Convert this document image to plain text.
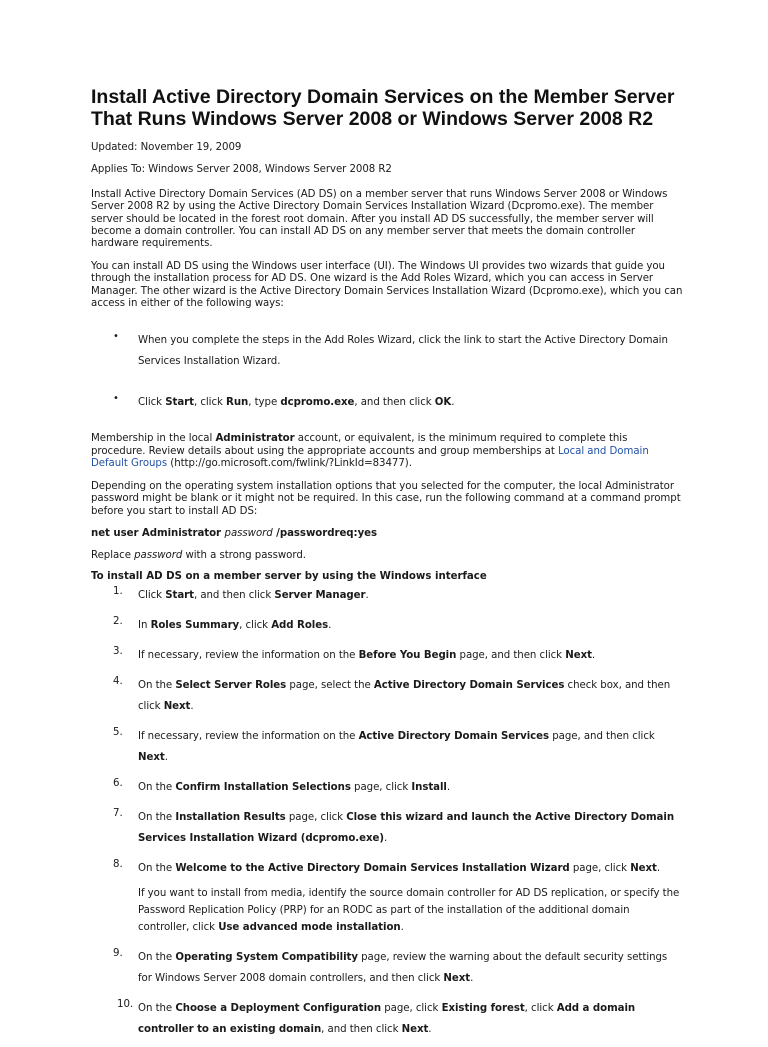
Install Active Directory Domain Services on the Member Server That Runs Windows Server 2008 or Windows Server 2008 R2

Updated: November 19, 2009

Applies To: Windows Server 2008, Windows Server 2008 R2

Install Active Directory Domain Services (AD DS) on a member server that runs Windows Server 2008 or Windows Server 2008 R2 by using the Active Directory Domain Services Installation Wizard (Dcpromo.exe). The member server should be located in the forest root domain. After you install AD DS successfully, the member server will become a domain controller. You can install AD DS on any member server that meets the domain controller hardware requirements.

You can install AD DS using the Windows user interface (UI). The Windows UI provides two wizards that guide you through the installation process for AD DS. One wizard is the Add Roles Wizard, which you can access in Server Manager. The other wizard is the Active Directory Domain Services Installation Wizard (Dcpromo.exe), which you can access in either of the following ways:

• When you complete the steps in the Add Roles Wizard, click the link to start the Active Directory Domain Services Installation Wizard.
• Click Start, click Run, type dcpromo.exe, and then click OK.

Membership in the local Administrator account, or equivalent, is the minimum required to complete this procedure. Review details about using the appropriate accounts and group memberships at Local and Domain Default Groups (http://go.microsoft.com/fwlink/?LinkId=83477).

Depending on the operating system installation options that you selected for the computer, the local Administrator password might be blank or it might not be required. In this case, run the following command at a command prompt before you start to install AD DS:

net user Administrator password /passwordreq:yes

Replace password with a strong password.

To install AD DS on a member server by using the Windows interface
1.	Click Start, and then click Server Manager.
2.	In Roles Summary, click Add Roles.
3.	If necessary, review the information on the Before You Begin page, and then click Next.
4.	On the Select Server Roles page, select the Active Directory Domain Services check box, and then click Next.
5.	If necessary, review the information on the Active Directory Domain Services page, and then click Next.
6.	On the Confirm Installation Selections page, click Install.
7.	On the Installation Results page, click Close this wizard and launch the Active Directory Domain Services Installation Wizard (dcpromo.exe).
8.	On the Welcome to the Active Directory Domain Services Installation Wizard page, click Next.
If you want to install from media, identify the source domain controller for AD DS replication, or specify the Password Replication Policy (PRP) for an RODC as part of the installation of the additional domain controller, click Use advanced mode installation.
9.	On the Operating System Compatibility page, review the warning about the default security settings for Windows Server 2008 domain controllers, and then click Next.
10. On the Choose a Deployment Configuration page, click Existing forest, click Add a domain controller to an existing domain, and then click Next.
